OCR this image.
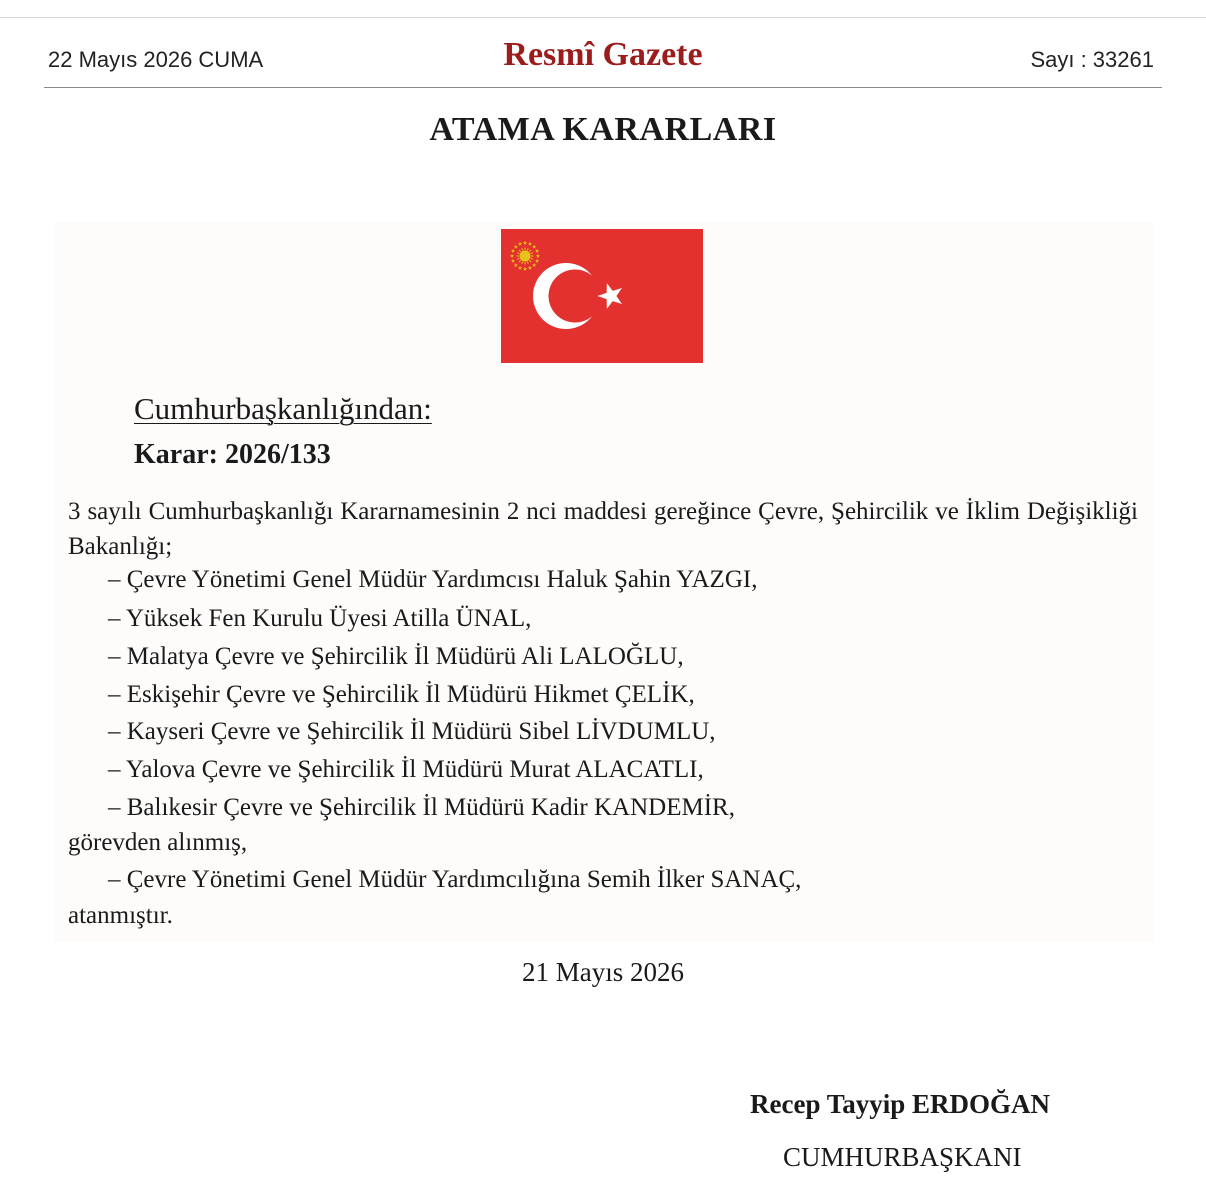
22 Mayıs 2026 CUMA	Resmî Gazete	Sayı : 33261
ATAMA KARARLARI
Cumhurbaşkanlığından:
Karar: 2026/133
3 sayılı Cumhurbaşkanlığı Kararnamesinin 2 nci maddesi gereğince Çevre, Şehircilik ve İklim Değişikliği Bakanlığı;
– Çevre Yönetimi Genel Müdür Yardımcısı Haluk Şahin YAZGI,
– Yüksek Fen Kurulu Üyesi Atilla ÜNAL,
– Malatya Çevre ve Şehircilik İl Müdürü Ali LALOĞLU,
– Eskişehir Çevre ve Şehircilik İl Müdürü Hikmet ÇELİK,
– Kayseri Çevre ve Şehircilik İl Müdürü Sibel LİVDUMLU,
– Yalova Çevre ve Şehircilik İl Müdürü Murat ALACATLI,
– Balıkesir Çevre ve Şehircilik İl Müdürü Kadir KANDEMİR,
görevden alınmış,
– Çevre Yönetimi Genel Müdür Yardımcılığına Semih İlker SANAÇ,
atanmıştır.
21 Mayıs 2026
Recep Tayyip ERDOĞAN
CUMHURBAŞKANI
